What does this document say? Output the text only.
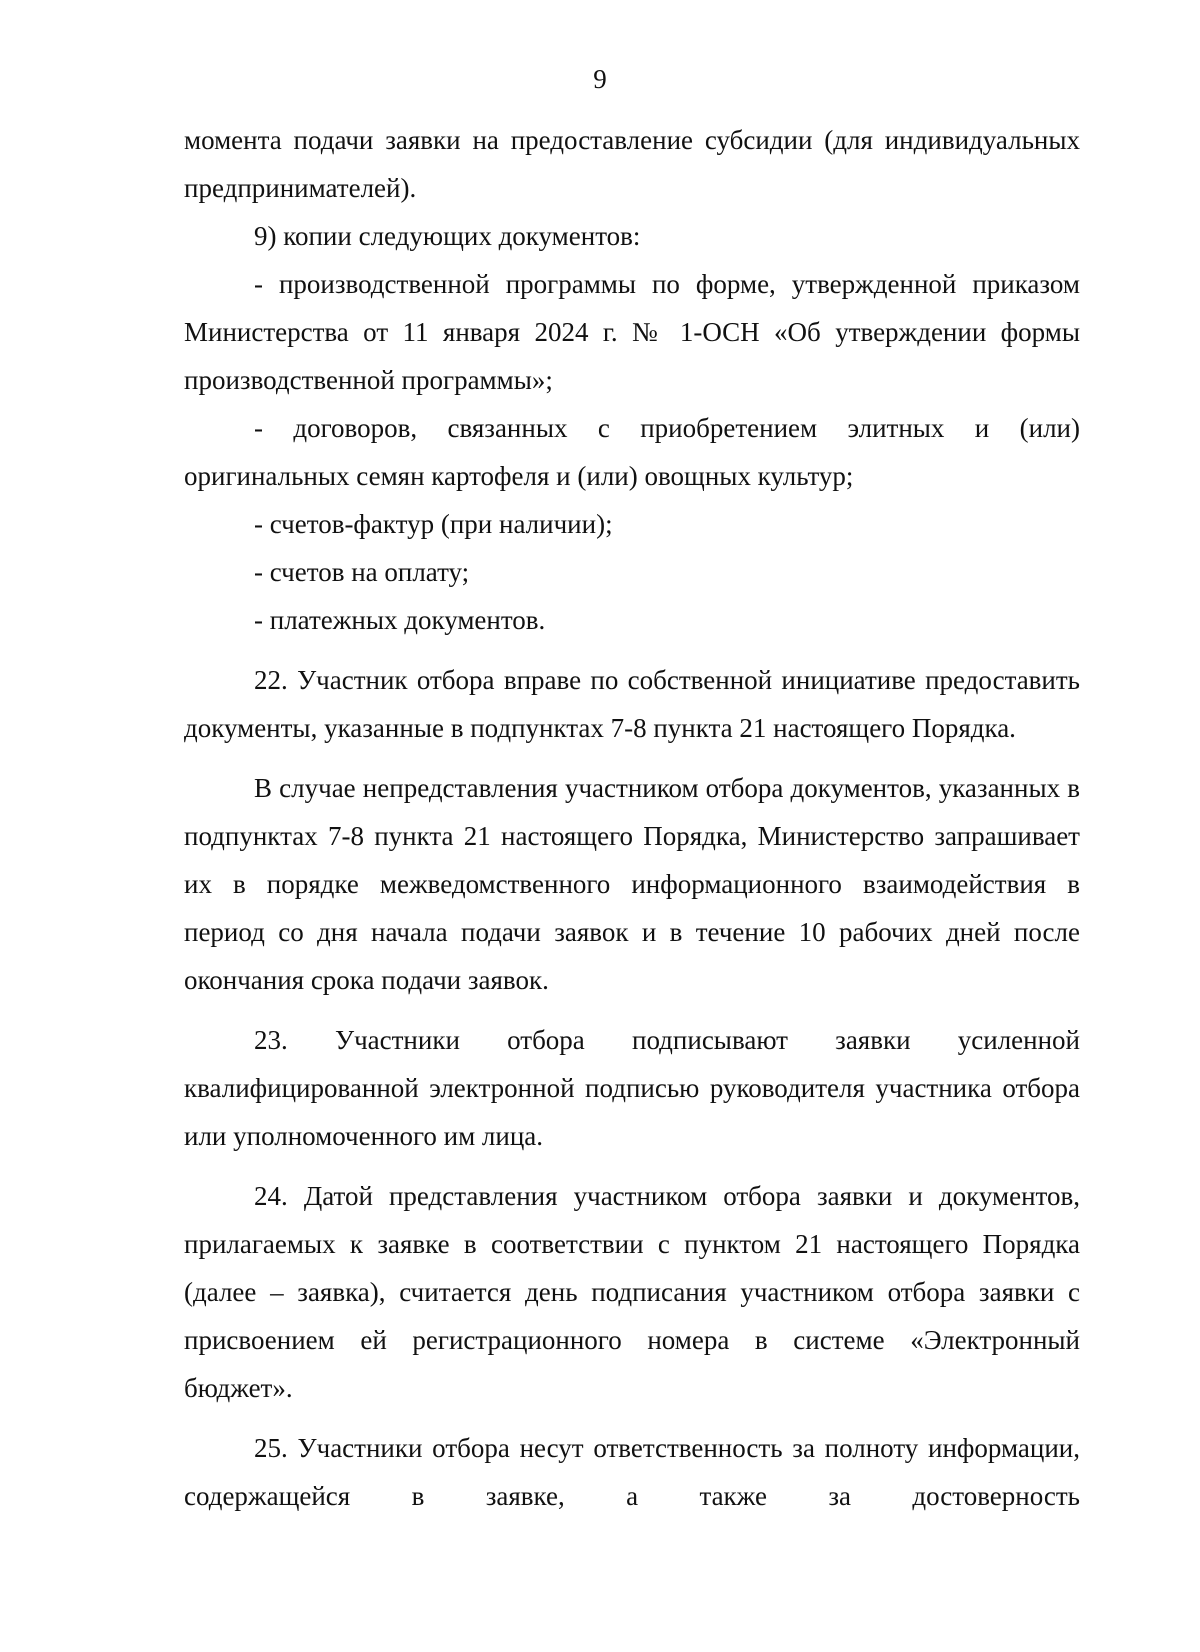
9

момента подачи заявки на предоставление субсидии (для индивидуальных предпринимателей).

9) копии следующих документов:

- производственной программы по форме, утвержденной приказом Министерства от 11 января 2024 г. № 1-ОСН «Об утверждении формы производственной программы»;

- договоров, связанных с приобретением элитных и (или) оригинальных семян картофеля и (или) овощных культур;

- счетов-фактур (при наличии);

- счетов на оплату;

- платежных документов.

22. Участник отбора вправе по собственной инициативе предоставить документы, указанные в подпунктах 7-8 пункта 21 настоящего Порядка.

В случае непредставления участником отбора документов, указанных в подпунктах 7-8 пункта 21 настоящего Порядка, Министерство запрашивает их в порядке межведомственного информационного взаимодействия в период со дня начала подачи заявок и в течение 10 рабочих дней после окончания срока подачи заявок.

23. Участники отбора подписывают заявки усиленной квалифицированной электронной подписью руководителя участника отбора или уполномоченного им лица.

24. Датой представления участником отбора заявки и документов, прилагаемых к заявке в соответствии с пунктом 21 настоящего Порядка (далее – заявка), считается день подписания участником отбора заявки с присвоением ей регистрационного номера в системе «Электронный бюджет».

25. Участники отбора несут ответственность за полноту информации, содержащейся в заявке, а также за достоверность
